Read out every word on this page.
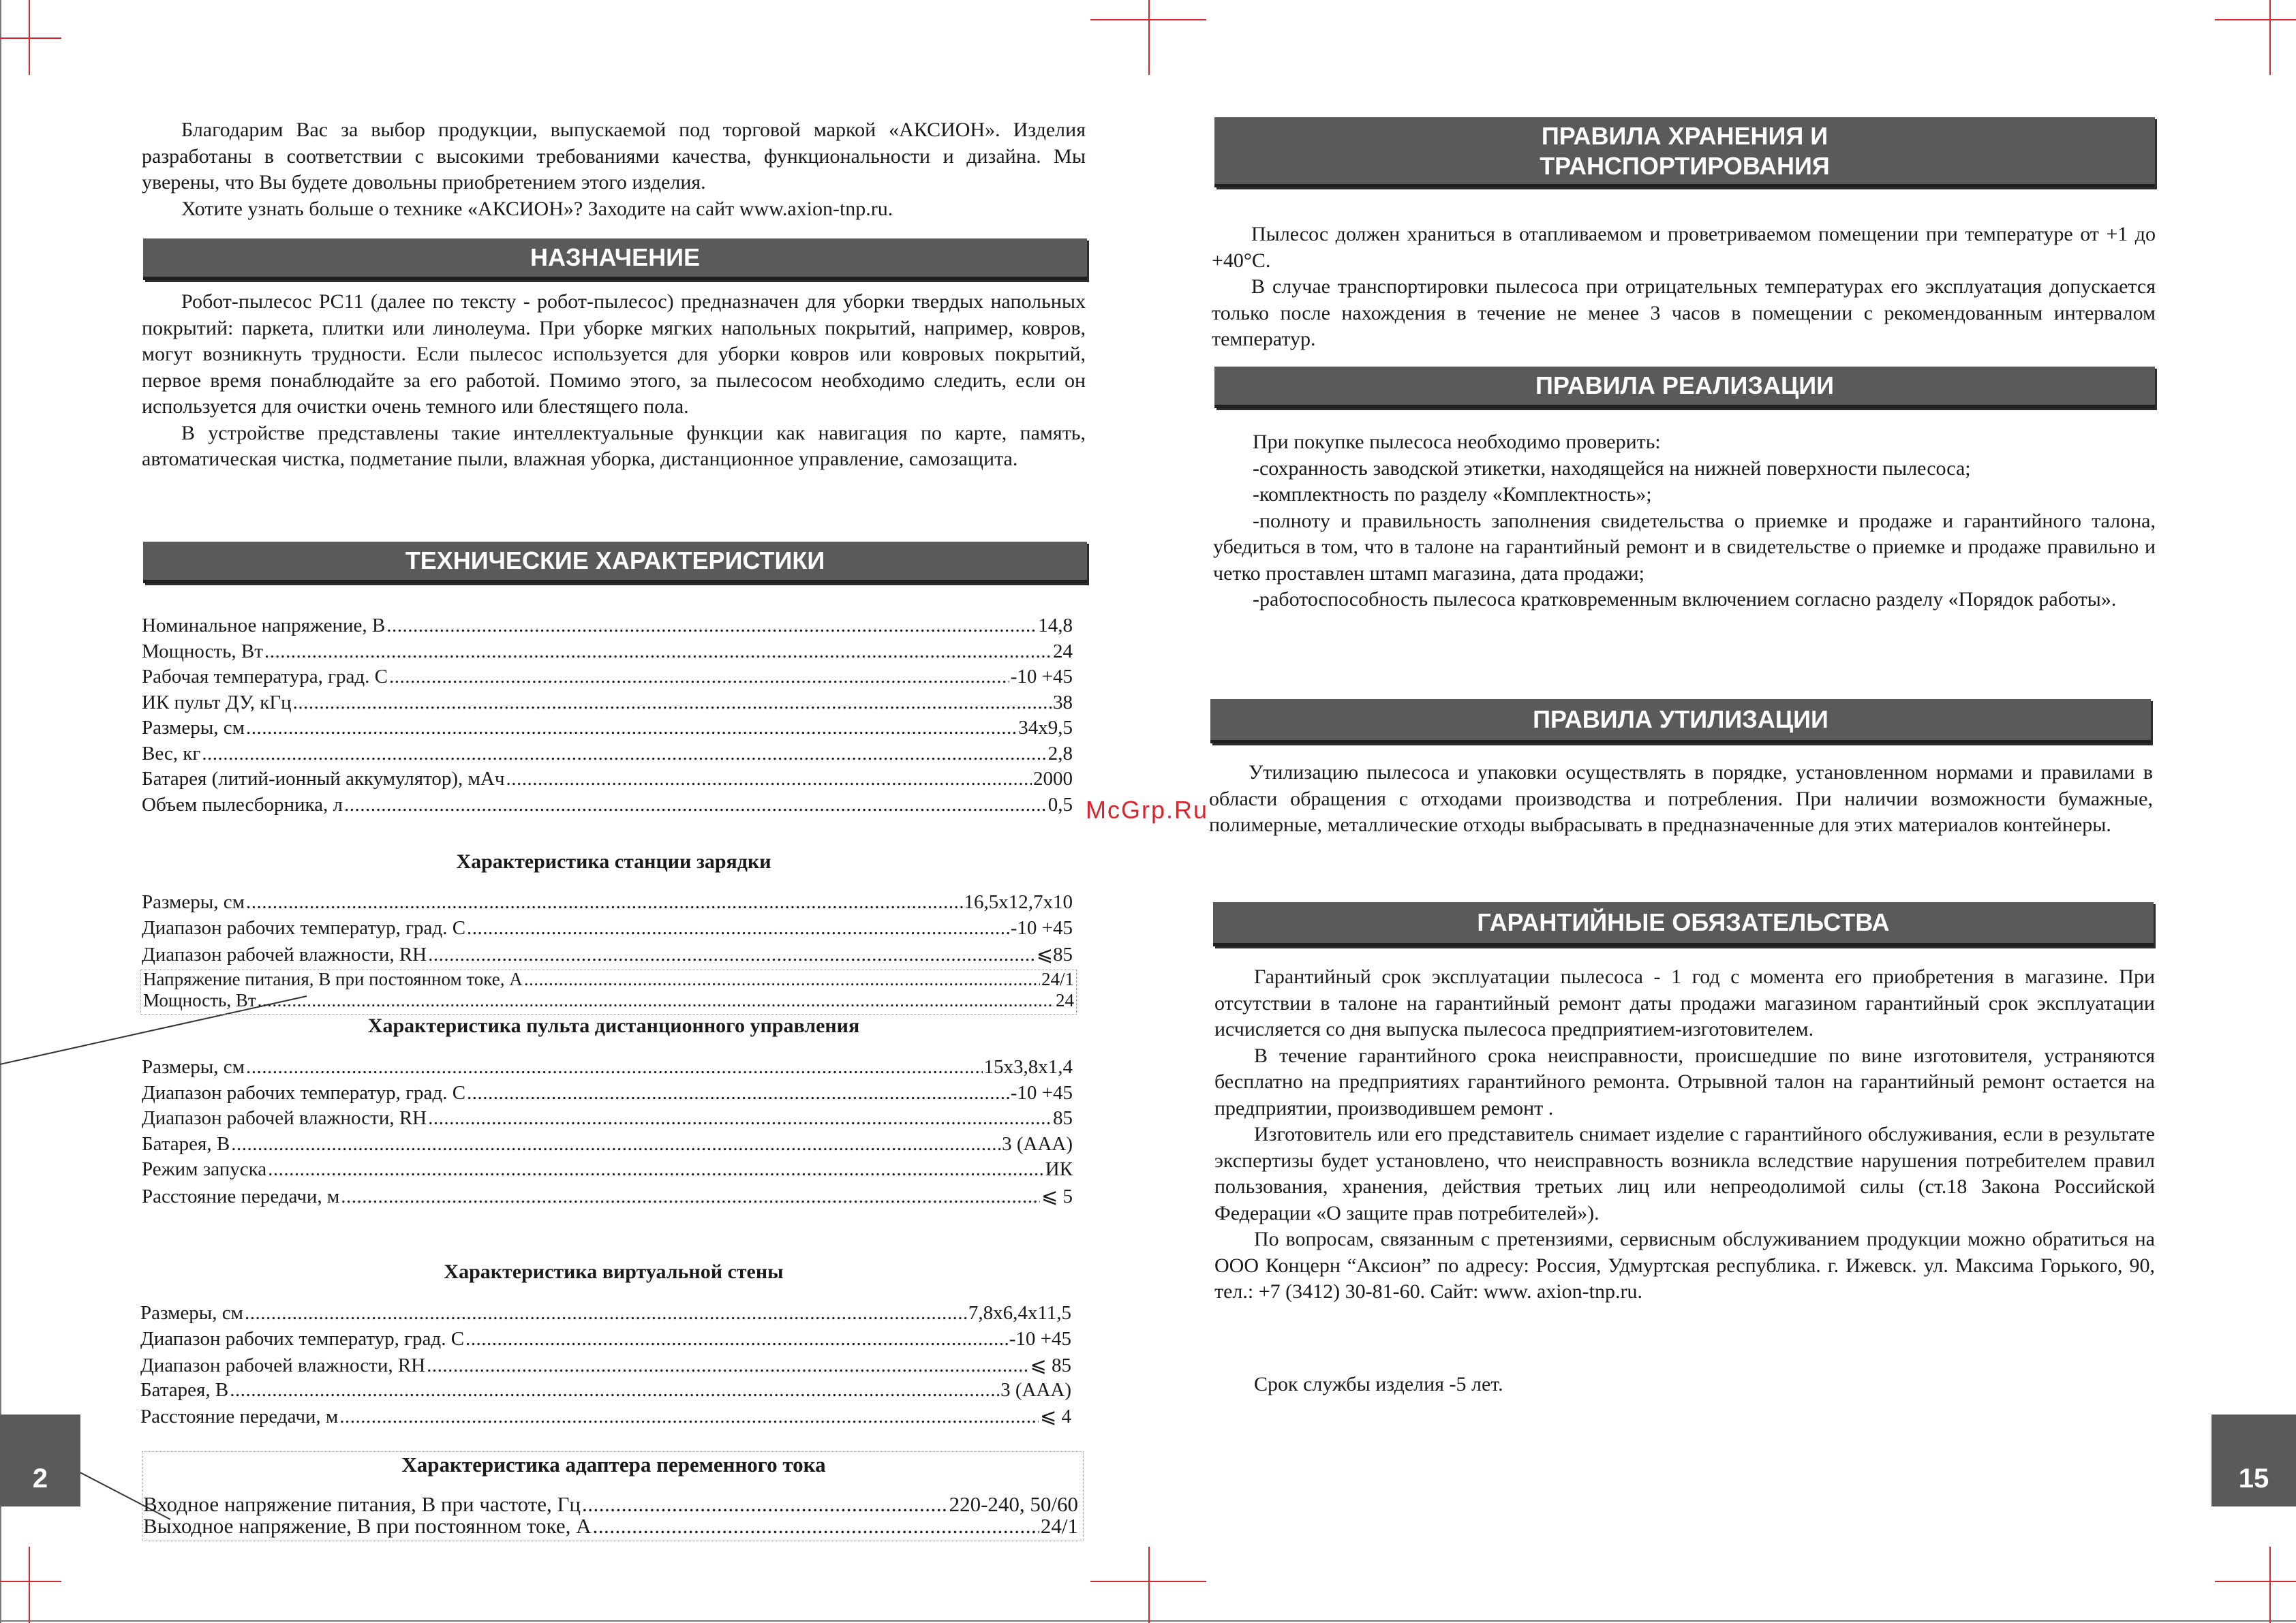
Благодарим Вас за выбор продукции, выпускаемой под торговой маркой «АКСИОН». Изделия разработаны в соответствии с высокими требованиями качества, функциональности и дизайна. Мы уверены, что Вы будете довольны приобретением этого изделия.

Хотите узнать больше о технике «АКСИОН»? Заходите на сайт www.axion-tnp.ru.

НАЗНАЧЕНИЕ

Робот-пылесос PC11 (далее по тексту - робот-пылесос) предназначен для уборки твердых напольных покрытий: паркета, плитки или линолеума. При уборке мягких напольных покрытий, например, ковров, могут возникнуть трудности. Если пылесос используется для уборки ковров или ковровых покрытий, первое время понаблюдайте за его работой. Помимо этого, за пылесосом необходимо следить, если он используется для очистки очень темного или блестящего пола.

В устройстве представлены такие интеллектуальные функции как навигация по карте, память, автоматическая чистка, подметание пыли, влажная уборка, дистанционное управление, самозащита.

ТЕХНИЧЕСКИЕ ХАРАКТЕРИСТИКИ
Номинальное напряжение, В .....	14,8
Мощность, Вт .....	24
Рабочая температура, град. С .....	-10 +45
ИК пульт ДУ, кГц .....	38
Размеры, см .....	34х9,5
Вес, кг .....	2,8
Батарея (литий-ионный аккумулятор), мАч .....	2000
Объем пылесборника, л .....	0,5
Характеристика станции зарядки
Размеры, см .....	16,5х12,7х10
Диапазон рабочих температур, град. С .....	-10 +45
Диапазон рабочей влажности, RH .....	⩽85
Напряжение питания, В при постоянном токе, А .....	24/1
Мощность, Вт .....	24
Характеристика пульта дистанционного управления
Размеры, см .....	15х3,8х1,4
Диапазон рабочих температур, град. С .....	-10 +45
Диапазон рабочей влажности, RH .....	85
Батарея, В .....	3 (ААА)
Режим запуска .....	ИК
Расстояние передачи, м .....	⩽ 5
Характеристика виртуальной стены
Размеры, см .....	7,8х6,4х11,5
Диапазон рабочих температур, град. С .....	-10 +45
Диапазон рабочей влажности, RH .....	⩽ 85
Батарея, В .....	3 (ААА)
Расстояние передачи, м .....	⩽ 4
Характеристика адаптера переменного тока
Входное напряжение питания, В при частоте, Гц .....	220-240, 50/60
Выходное напряжение, В при постоянном токе, А .....	24/1
2
ПРАВИЛА ХРАНЕНИЯ И
ТРАНСПОРТИРОВАНИЯ

Пылесос должен храниться в отапливаемом и проветриваемом помещении при температуре от +1 до +40°С.

В случае транспортировки пылесоса при отрицательных температурах его эксплуатация допускается только после нахождения в течение не менее 3 часов в помещении с рекомендованным интервалом температур.

ПРАВИЛА РЕАЛИЗАЦИИ

При покупке пылесоса необходимо проверить:

-сохранность заводской этикетки, находящейся на нижней поверхности пылесоса;

-комплектность по разделу «Комплектность»;

-полноту и правильность заполнения свидетельства о приемке и продаже и гарантийного талона, убедиться в том, что в талоне на гарантийный ремонт и в свидетельстве о приемке и продаже правильно и четко проставлен штамп магазина, дата продажи;

-работоспособность пылесоса кратковременным включением согласно разделу «Порядок работы».

ПРАВИЛА УТИЛИЗАЦИИ

Утилизацию пылесоса и упаковки осуществлять в порядке, установленном нормами и правилами в области обращения с отходами производства и потребления. При наличии возможности бумажные, полимерные, металлические отходы выбрасывать в предназначенные для этих материалов контейнеры.

ГАРАНТИЙНЫЕ ОБЯЗАТЕЛЬСТВА

Гарантийный срок эксплуатации пылесоса - 1 год с момента его приобретения в магазине. При отсутствии в талоне на гарантийный ремонт даты продажи магазином гарантийный срок эксплуатации исчисляется со дня выпуска пылесоса предприятием-изготовителем.

В течение гарантийного срока неисправности, происшедшие по вине изготовителя, устраняются бесплатно на предприятиях гарантийного ремонта. Отрывной талон на гарантийный ремонт остается на предприятии, производившем ремонт .

Изготовитель или его представитель снимает изделие с гарантийного обслуживания, если в результате экспертизы будет установлено, что неисправность возникла вследствие нарушения потребителем правил пользования, хранения, действия третьих лиц или непреодолимой силы (ст.18 Закона Российской Федерации «О защите прав потребителей»).

По вопросам, связанным с претензиями, сервисным обслуживанием продукции можно обратиться на ООО Концерн “Аксион” по адресу: Россия, Удмуртская республика. г. Ижевск. ул. Максима Горького, 90, тел.: +7 (3412) 30-81-60. Сайт: www. axion-tnp.ru.

Срок службы изделия -5 лет.

15
McGrp.Ru
